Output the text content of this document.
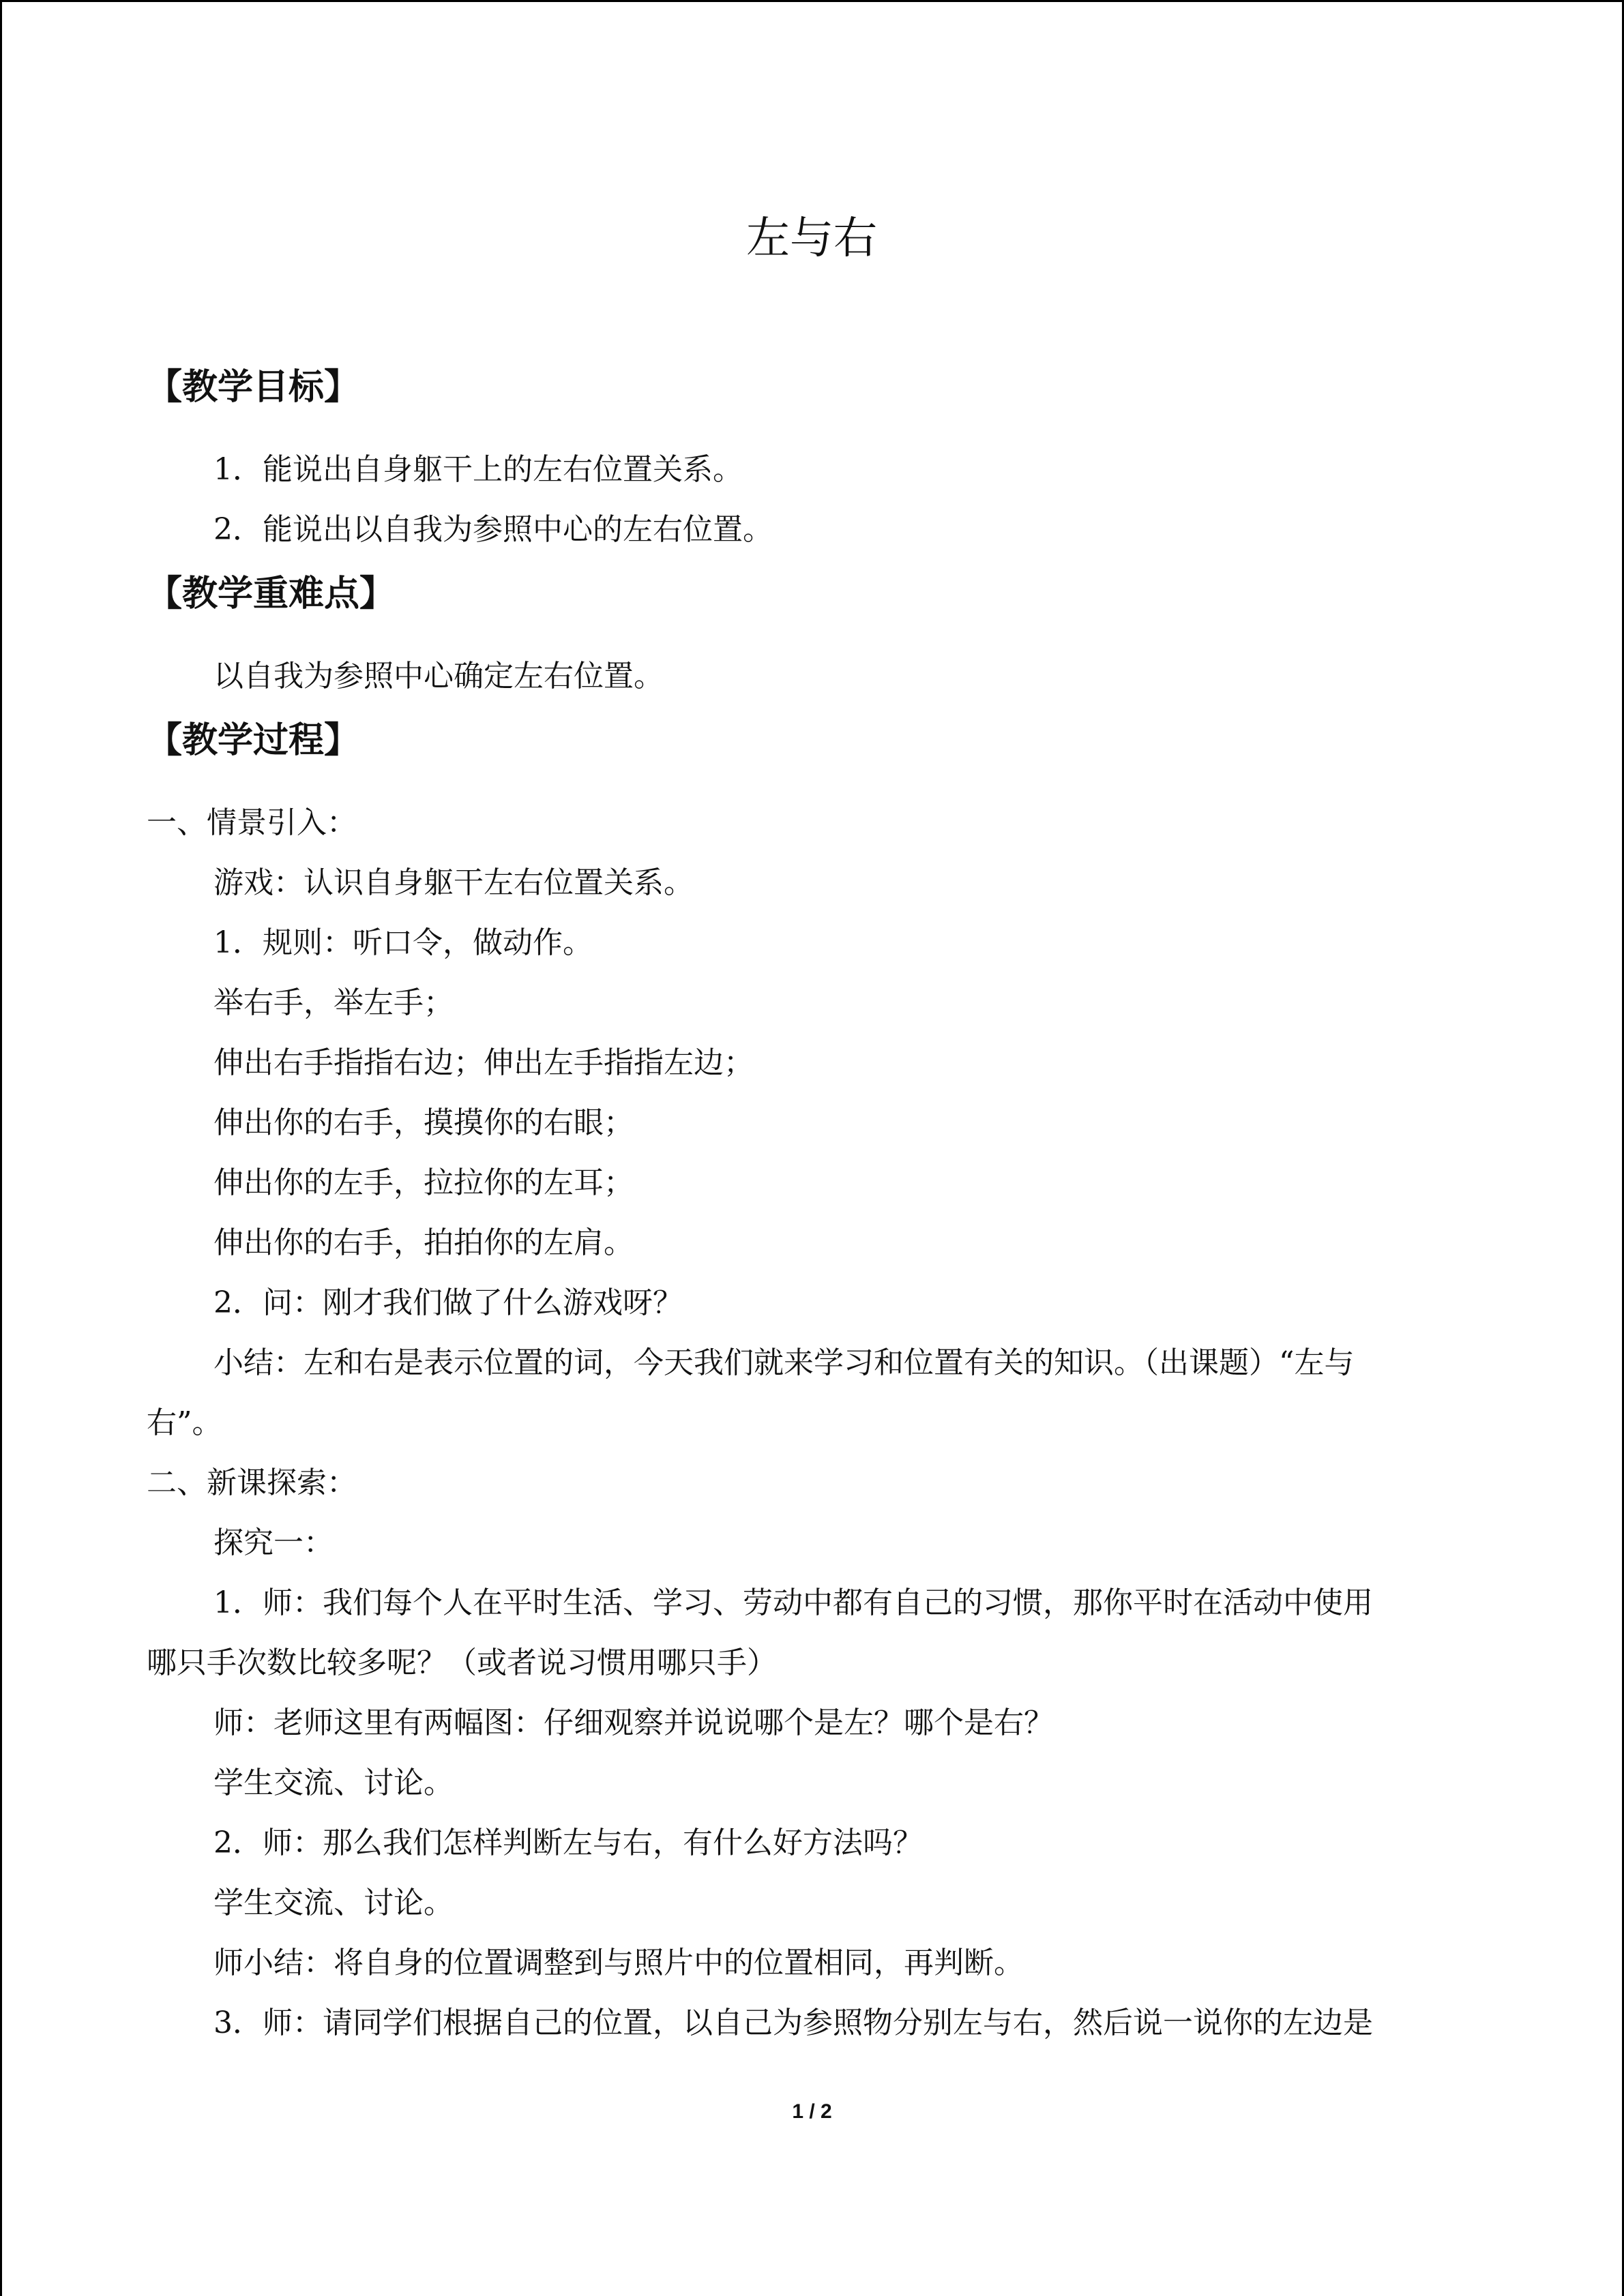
左与右
【教学目标】
1．能说出自身躯干上的左右位置关系。
2．能说出以自我为参照中心的左右位置。
【教学重难点】
以自我为参照中心确定左右位置。
【教学过程】
一、情景引入：
游戏：认识自身躯干左右位置关系。
1．规则：听口令，做动作。
举右手，举左手；
伸出右手指指右边；伸出左手指指左边；
伸出你的右手，摸摸你的右眼；
伸出你的左手，拉拉你的左耳；
伸出你的右手，拍拍你的左肩。
2．问：刚才我们做了什么游戏呀？
小结：左和右是表示位置的词，今天我们就来学习和位置有关的知识。（出课题）“左与
右”。
二、新课探索：
探究一：
1．师：我们每个人在平时生活、学习、劳动中都有自己的习惯，那你平时在活动中使用
哪只手次数比较多呢？（或者说习惯用哪只手）
师：老师这里有两幅图：仔细观察并说说哪个是左？哪个是右？
学生交流、讨论。
2．师：那么我们怎样判断左与右，有什么好方法吗？
学生交流、讨论。
师小结：将自身的位置调整到与照片中的位置相同，再判断。
3．师：请同学们根据自己的位置，以自己为参照物分别左与右，然后说一说你的左边是
1 / 2
